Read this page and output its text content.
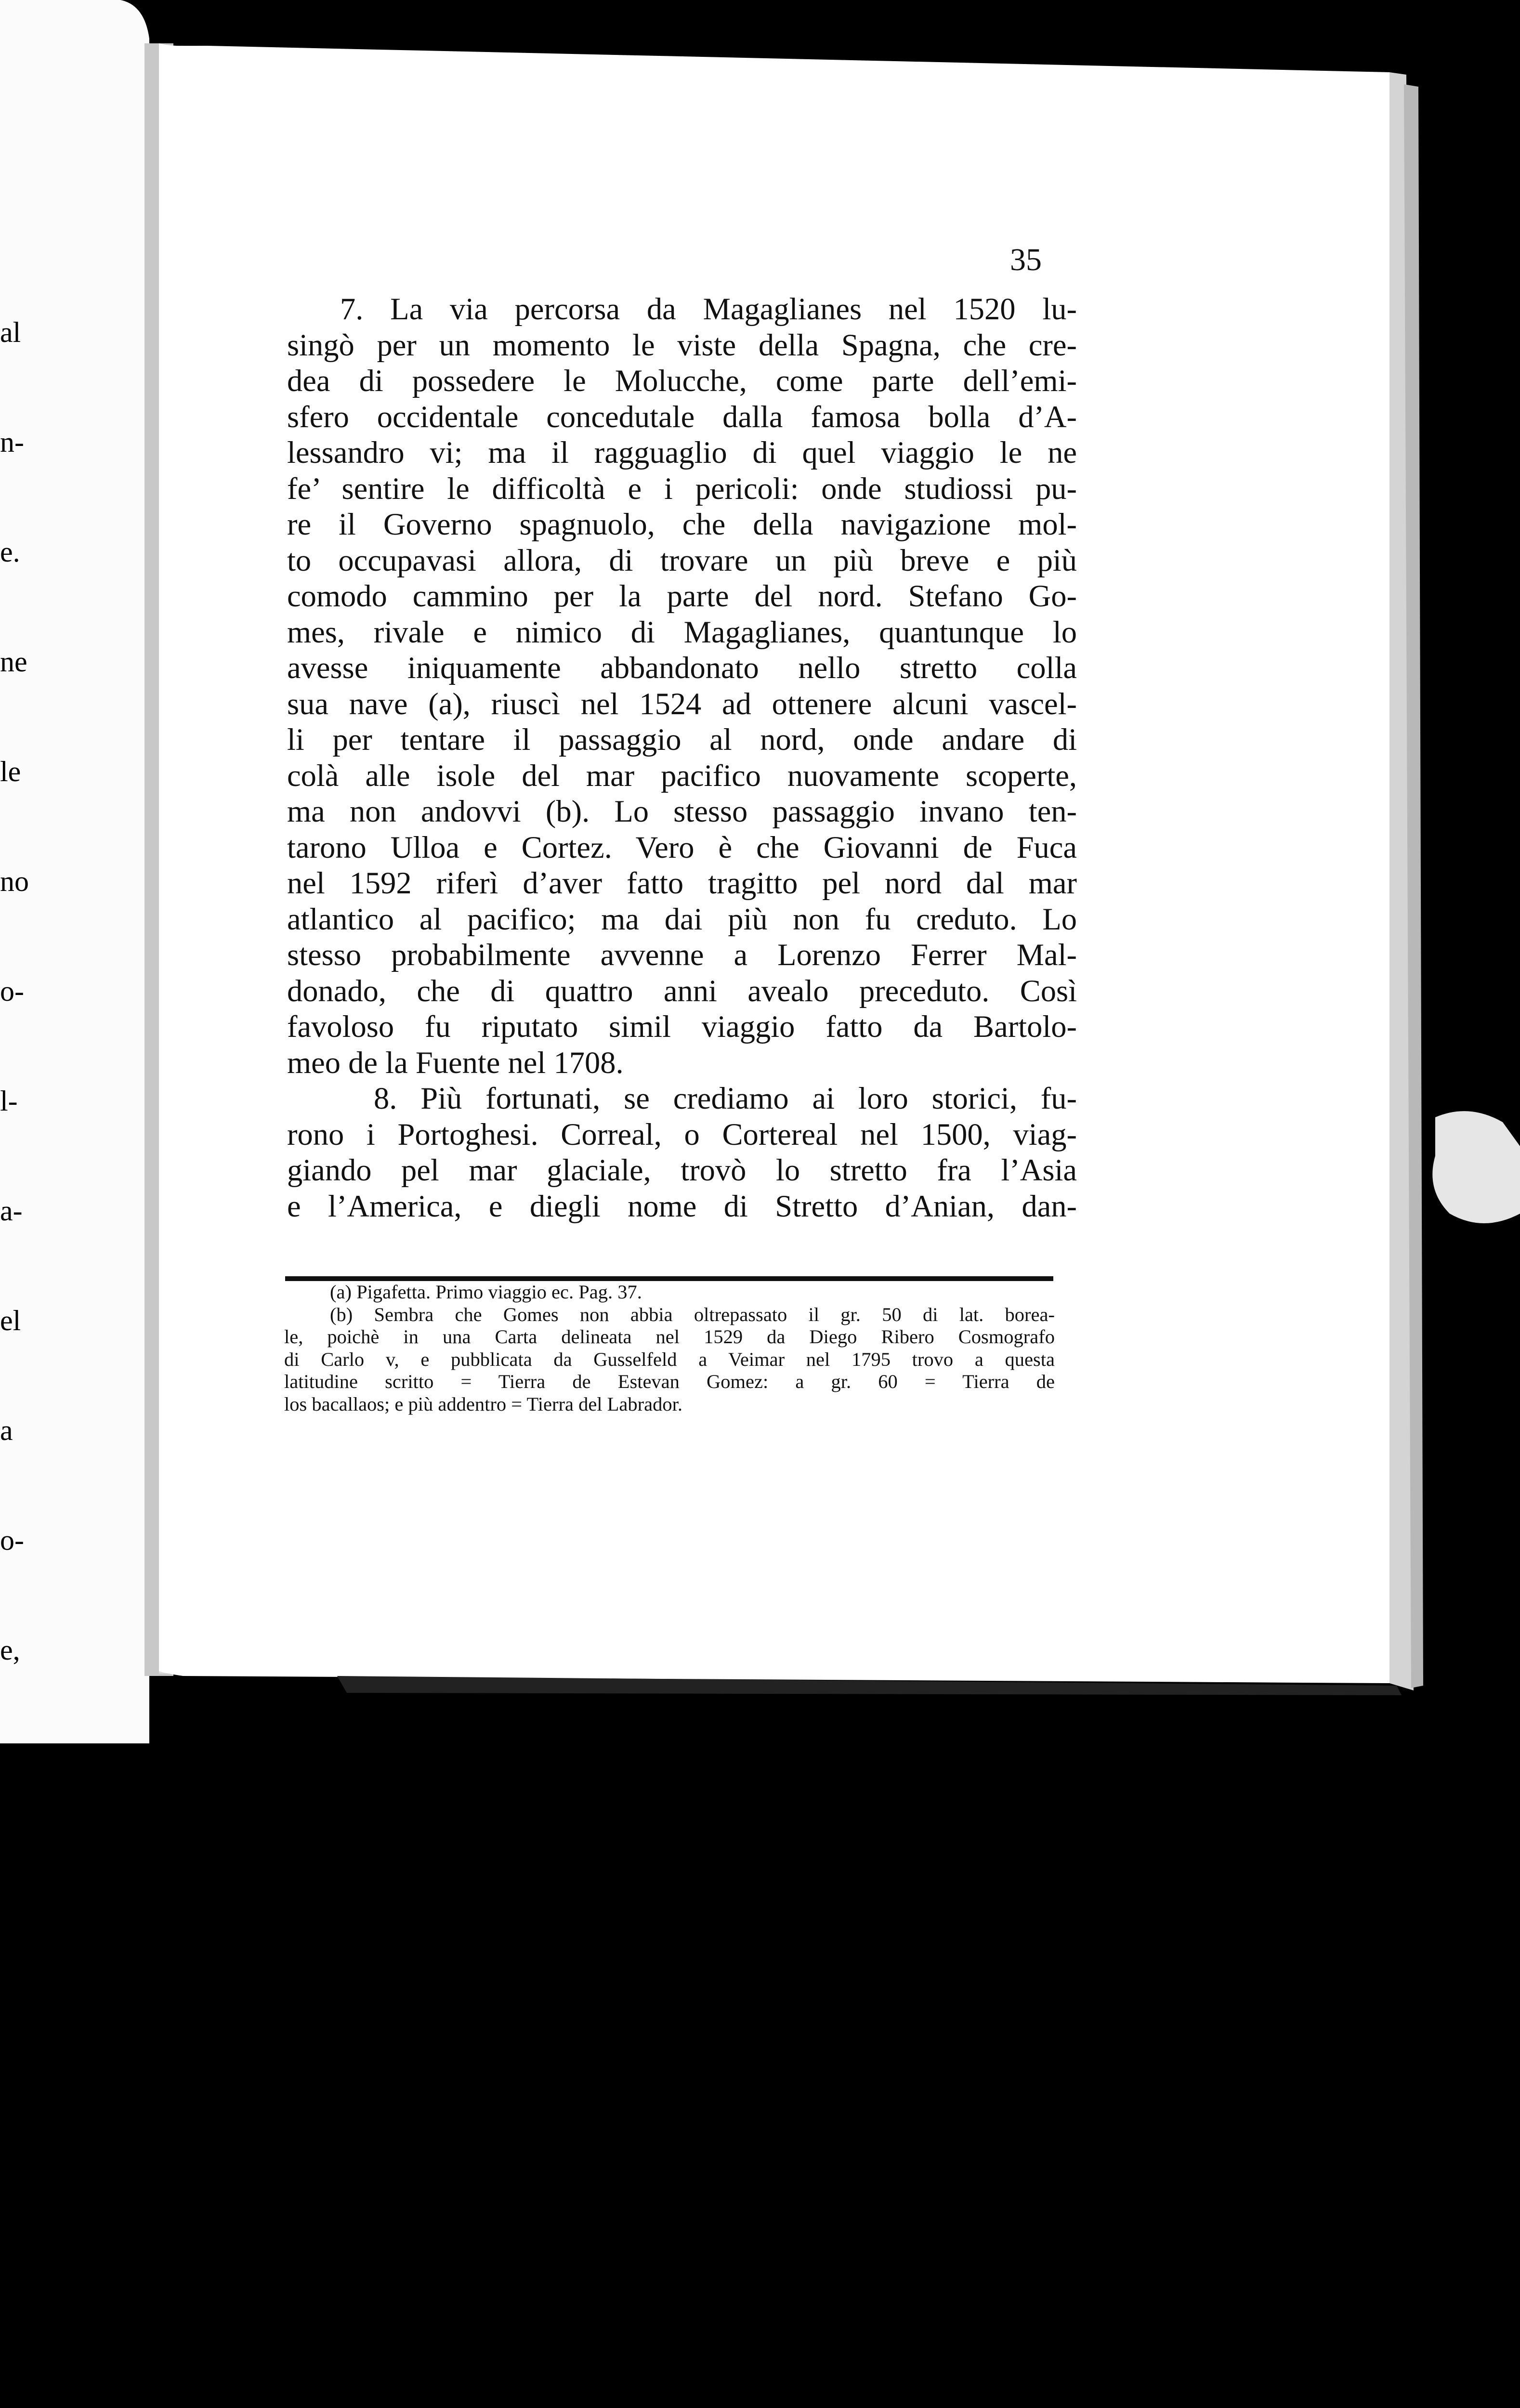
al

n-

e.

ne

le

no

o-

l-

a-

el

a

o-

e,

-

a

e-

o

-

-

35
7. La via percorsa da Magaglianes nel 1520 lu-
singò per un momento le viste della Spagna, che cre-
dea di possedere le Molucche, come parte dell’emi-
sfero occidentale concedutale dalla famosa bolla d’A-
lessandro vi; ma il ragguaglio di quel viaggio le ne
fe’ sentire le difficoltà e i pericoli: onde studiossi pu-
re il Governo spagnuolo, che della navigazione mol-
to occupavasi allora, di trovare un più breve e più
comodo cammino per la parte del nord. Stefano Go-
mes, rivale e nimico di Magaglianes, quantunque lo
avesse iniquamente abbandonato nello stretto colla
sua nave (a), riuscì nel 1524 ad ottenere alcuni vascel-
li per tentare il passaggio al nord, onde andare di
colà alle isole del mar pacifico nuovamente scoperte,
ma non andovvi (b). Lo stesso passaggio invano ten-
tarono Ulloa e Cortez. Vero è che Giovanni de Fuca
nel 1592 riferì d’aver fatto tragitto pel nord dal mar
atlantico al pacifico; ma dai più non fu creduto. Lo
stesso probabilmente avvenne a Lorenzo Ferrer Mal-
donado, che di quattro anni avealo preceduto. Così
favoloso fu riputato simil viaggio fatto da Bartolo-
meo de la Fuente nel 1708.
8. Più fortunati, se crediamo ai loro storici, fu-
rono i Portoghesi. Correal, o Cortereal nel 1500, viag-
giando pel mar glaciale, trovò lo stretto fra l’Asia
e l’America, e diegli nome di Stretto d’Anian, dan-
(a) Pigafetta. Primo viaggio ec. Pag. 37.
(b) Sembra che Gomes non abbia oltrepassato il gr. 50 di lat. borea-
le, poichè in una Carta delineata nel 1529 da Diego Ribero Cosmografo
di Carlo v, e pubblicata da Gusselfeld a Veimar nel 1795 trovo a questa
latitudine scritto = Tierra de Estevan Gomez: a gr. 60 = Tierra de
los bacallaos; e più addentro = Tierra del Labrador.
